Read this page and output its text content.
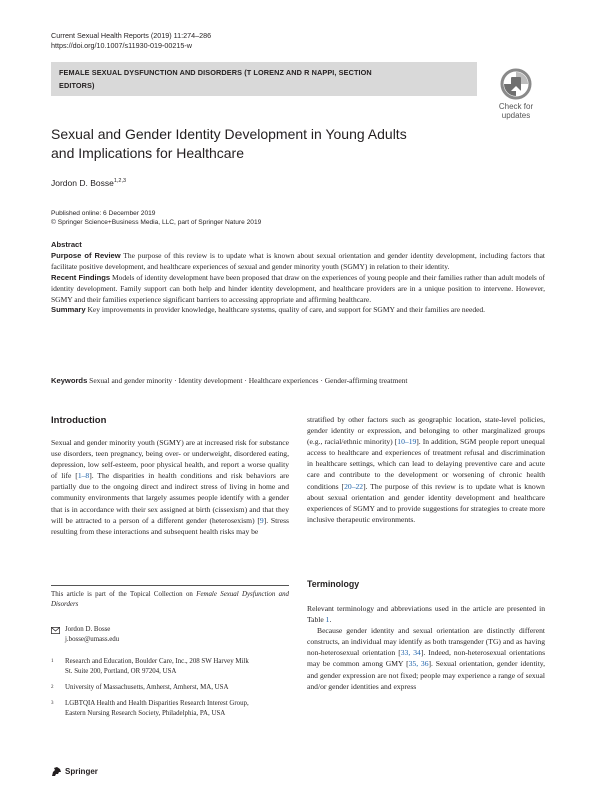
Current Sexual Health Reports (2019) 11:274–286
https://doi.org/10.1007/s11930-019-00215-w
FEMALE SEXUAL DYSFUNCTION AND DISORDERS (T LORENZ AND R NAPPI, SECTION
EDITORS)
Check for
updates
Sexual and Gender Identity Development in Young Adults
and Implications for Healthcare
Jordon D. Bosse$^{1,2,3}$
Published online: 6 December 2019
© Springer Science+Business Media, LLC, part of Springer Nature 2019
Abstract

Purpose of Review The purpose of this review is to update what is known about sexual orientation and gender identity development, including factors that facilitate positive development, and healthcare experiences of sexual and gender minority youth (SGMY) in relation to their identity.

Recent Findings Models of identity development have been proposed that draw on the experiences of young people and their families rather than adult models of identity development. Family support can both help and hinder identity development, and healthcare providers are in a unique position to intervene. However, SGMY and their families experience significant barriers to accessing appropriate and affirming healthcare.

Summary Key improvements in provider knowledge, healthcare systems, quality of care, and support for SGMY and their families are needed.

Keywords Sexual and gender minority · Identity development · Healthcare experiences · Gender-affirming treatment
Introduction

Sexual and gender minority youth (SGMY) are at increased risk for substance use disorders, teen pregnancy, being over- or underweight, disordered eating, depression, low self-esteem, poor physical health, and report a worse quality of life [1–8]. The disparities in health conditions and risk behaviors are partially due to the ongoing direct and indirect stress of living in home and community environments that largely assumes people identify with a gender that is in accordance with their sex assigned at birth (cissexism) and that they will be attracted to a person of a different gender (heterosexism) [9]. Stress resulting from these interactions and subsequent health risks may be

This article is part of the Topical Collection on Female Sexual Dysfunction and Disorders
Jordon D. Bosse
j.bosse@umass.edu
1 Research and Education, Boulder Care, Inc., 208 SW Harvey Milk
St. Suite 200, Portland, OR 97204, USA
2 University of Massachusetts, Amherst, Amherst, MA, USA
3 LGBTQIA Health and Health Disparities Research Interest Group,
Eastern Nursing Research Society, Philadelphia, PA, USA

stratified by other factors such as geographic location, state-level policies, gender identity or expression, and belonging to other marginalized groups (e.g., racial/ethnic minority) [10–19]. In addition, SGM people report unequal access to healthcare and experiences of treatment refusal and discrimination in healthcare settings, which can lead to delaying preventive care and acute care and contribute to the development or worsening of chronic health conditions [20–22]. The purpose of this review is to update what is known about sexual orientation and gender identity development and healthcare experiences of SGMY and to provide suggestions for strategies to create more inclusive therapeutic environments.

Terminology

Relevant terminology and abbreviations used in the article are presented in Table 1.

Because gender identity and sexual orientation are distinctly different constructs, an individual may identify as both transgender (TG) and as having non-heterosexual orientation [33, 34]. Indeed, non-heterosexual orientations may be common among GMY [35, 36]. Sexual orientation, gender identity, and gender expression are not fixed; people may experience a range of sexual and/or gender identities and express

Springer
